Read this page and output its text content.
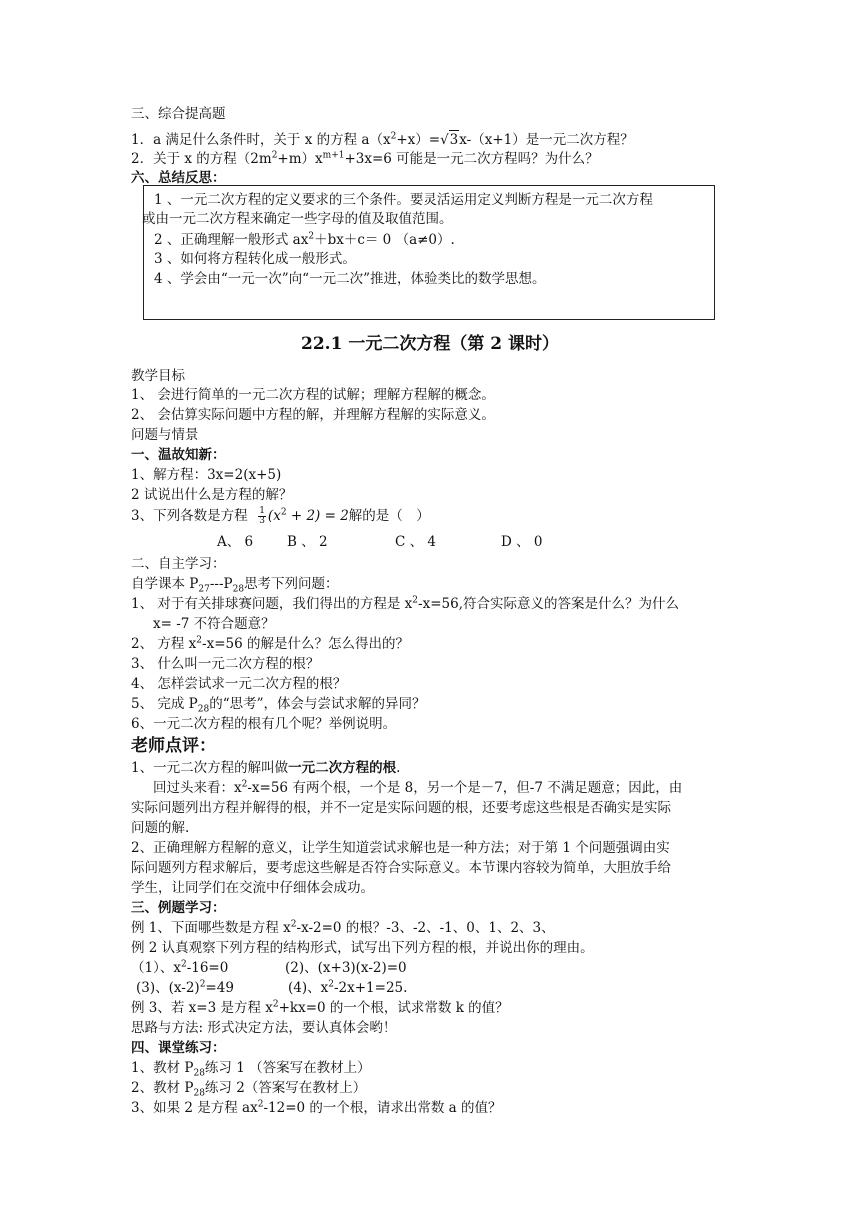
三、综合提高题
1．a 满足什么条件时，关于 x 的方程 $a(x^2+x)=√3x-(x+1)$是一元二次方程？
2．关于 x 的方程$(2m^2+m)x^{m+1}+3x=6$ 可能是一元二次方程吗？为什么？
六、总结反思：
1 、一元二次方程的定义要求的三个条件。要灵活运用定义判断方程是一元二次方程
或由一元二次方程来确定一些字母的值及取值范围。
2 、正确理解一般形式 $ax^2+bx+c= 0$ （a≠0）.
3 、如何将方程转化成一般形式。
4 、学会由“一元一次”向“一元二次”推进，体验类比的数学思想。
22.1 一元二次方程（第 2 课时）
教学目标
1、 会进行简单的一元二次方程的试解；理解方程解的概念。
2、 会估算实际问题中方程的解，并理解方程解的实际意义。
问题与情景
一、温故知新：
1、解方程：3x=2(x+5)
2 试说出什么是方程的解？
3、下列各数是方程 $\frac{1}{3} (x^2 + 2) = 2$解的是（　）
A、 6	B 、 2	C 、 4	D 、 0
二、自主学习：
自学课本 $P_{27}---P_{28}$思考下列问题：
1、 对于有关排球赛问题，我们得出的方程是 $x^2-x=56$,符合实际意义的答案是什么？为什么
x= -7 不符合题意？
2、 方程 $x^2-x=56$ 的解是什么？怎么得出的？
3、 什么叫一元二次方程的根？
4、 怎样尝试求一元二次方程的根？
5、 完成 $P_{28}$的“思考”，体会与尝试求解的异同？
6、一元二次方程的根有几个呢？举例说明。
老师点评：
1、一元二次方程的解叫做一元二次方程的根.
回过头来看：$x^2-x=56$ 有两个根，一个是 8，另一个是－7，但-7 不满足题意；因此，由
实际问题列出方程并解得的根，并不一定是实际问题的根，还要考虑这些根是否确实是实际
问题的解.
2、正确理解方程解的意义，让学生知道尝试求解也是一种方法；对于第 1 个问题强调由实
际问题列方程求解后，要考虑这些解是否符合实际意义。本节课内容较为简单，大胆放手给
学生，让同学们在交流中仔细体会成功。
三、例题学习：
例 1、下面哪些数是方程 $x^2-x-2=0$ 的根？-3、-2、-1、0、1、2、3、
例 2 认真观察下列方程的结构形式，试写出下列方程的根，并说出你的理由。
（1）、$x^2-16=0$	(2)、(x+3)(x-2)=0
(3)、$(x-2)^2=49$	(4)、$x^2-2x+1=25$.
例 3、若 x=3 是方程 $x^2+kx=0$ 的一个根，试求常数 k 的值？
思路与方法: 形式决定方法，要认真体会哟！
四、课堂练习：
1、教材 $P_{28}$练习 1 （答案写在教材上）
2、教材 $P_{28}$练习 2（答案写在教材上）
3、如果 2 是方程 $ax^2-12=0$ 的一个根，请求出常数 a 的值？
